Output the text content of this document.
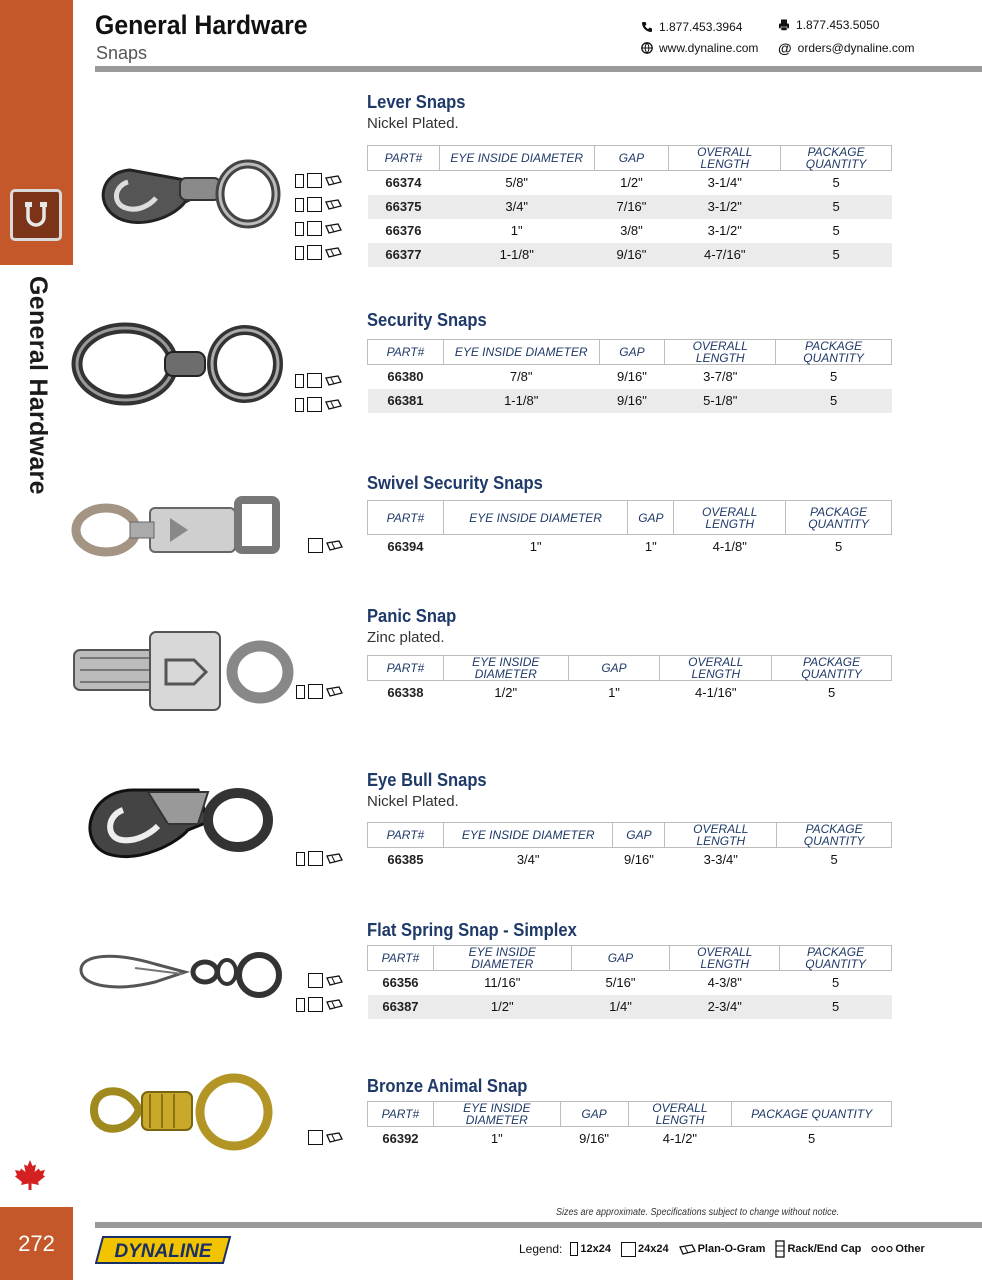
General Hardware
272
General Hardware
Snaps
1.877.453.3964	1.877.453.5050
www.dynaline.com @ orders@dynaline.com
Lever Snaps
Nickel Plated.
Security Snaps
Swivel Security Snaps
Panic Snap
Zinc plated.
Eye Bull Snaps
Nickel Plated.
Flat Spring Snap - Simplex
Bronze Animal Snap
PART#	EYE INSIDE DIAMETER	GAP	OVERALL LENGTH	PACKAGE QUANTITY
66374	5/8"	1/2"	3-1/4"	5
66375	3/4"	7/16"	3-1/2"	5
66376	1"	3/8"	3-1/2"	5
66377	1-1/8"	9/16"	4-7/16"	5
PART#	EYE INSIDE DIAMETER	GAP	OVERALL LENGTH	PACKAGE QUANTITY
66380	7/8"	9/16"	3-7/8"	5
66381	1-1/8"	9/16"	5-1/8"	5
PART#	EYE INSIDE DIAMETER	GAP	OVERALL LENGTH	PACKAGE QUANTITY
66394	1"	1"	4-1/8"	5
PART#	EYE INSIDE DIAMETER	GAP	OVERALL LENGTH	PACKAGE QUANTITY
66338	1/2"	1"	4-1/16"	5
PART#	EYE INSIDE DIAMETER	GAP	OVERALL LENGTH	PACKAGE QUANTITY
66385	3/4"	9/16"	3-3/4"	5
PART#	EYE INSIDE DIAMETER	GAP	OVERALL LENGTH	PACKAGE QUANTITY
66356	11/16"	5/16"	4-3/8"	5
66387	1/2"	1/4"	2-3/4"	5
PART#	EYE INSIDE DIAMETER	GAP	OVERALL LENGTH	PACKAGE QUANTITY
66392	1"	9/16"	4-1/2"	5
Sizes are approximate. Specifications subject to change without notice.
DYNALINE	Legend: 12x24 24x24	Plan-O-Gram Rack/End Cap	Other
